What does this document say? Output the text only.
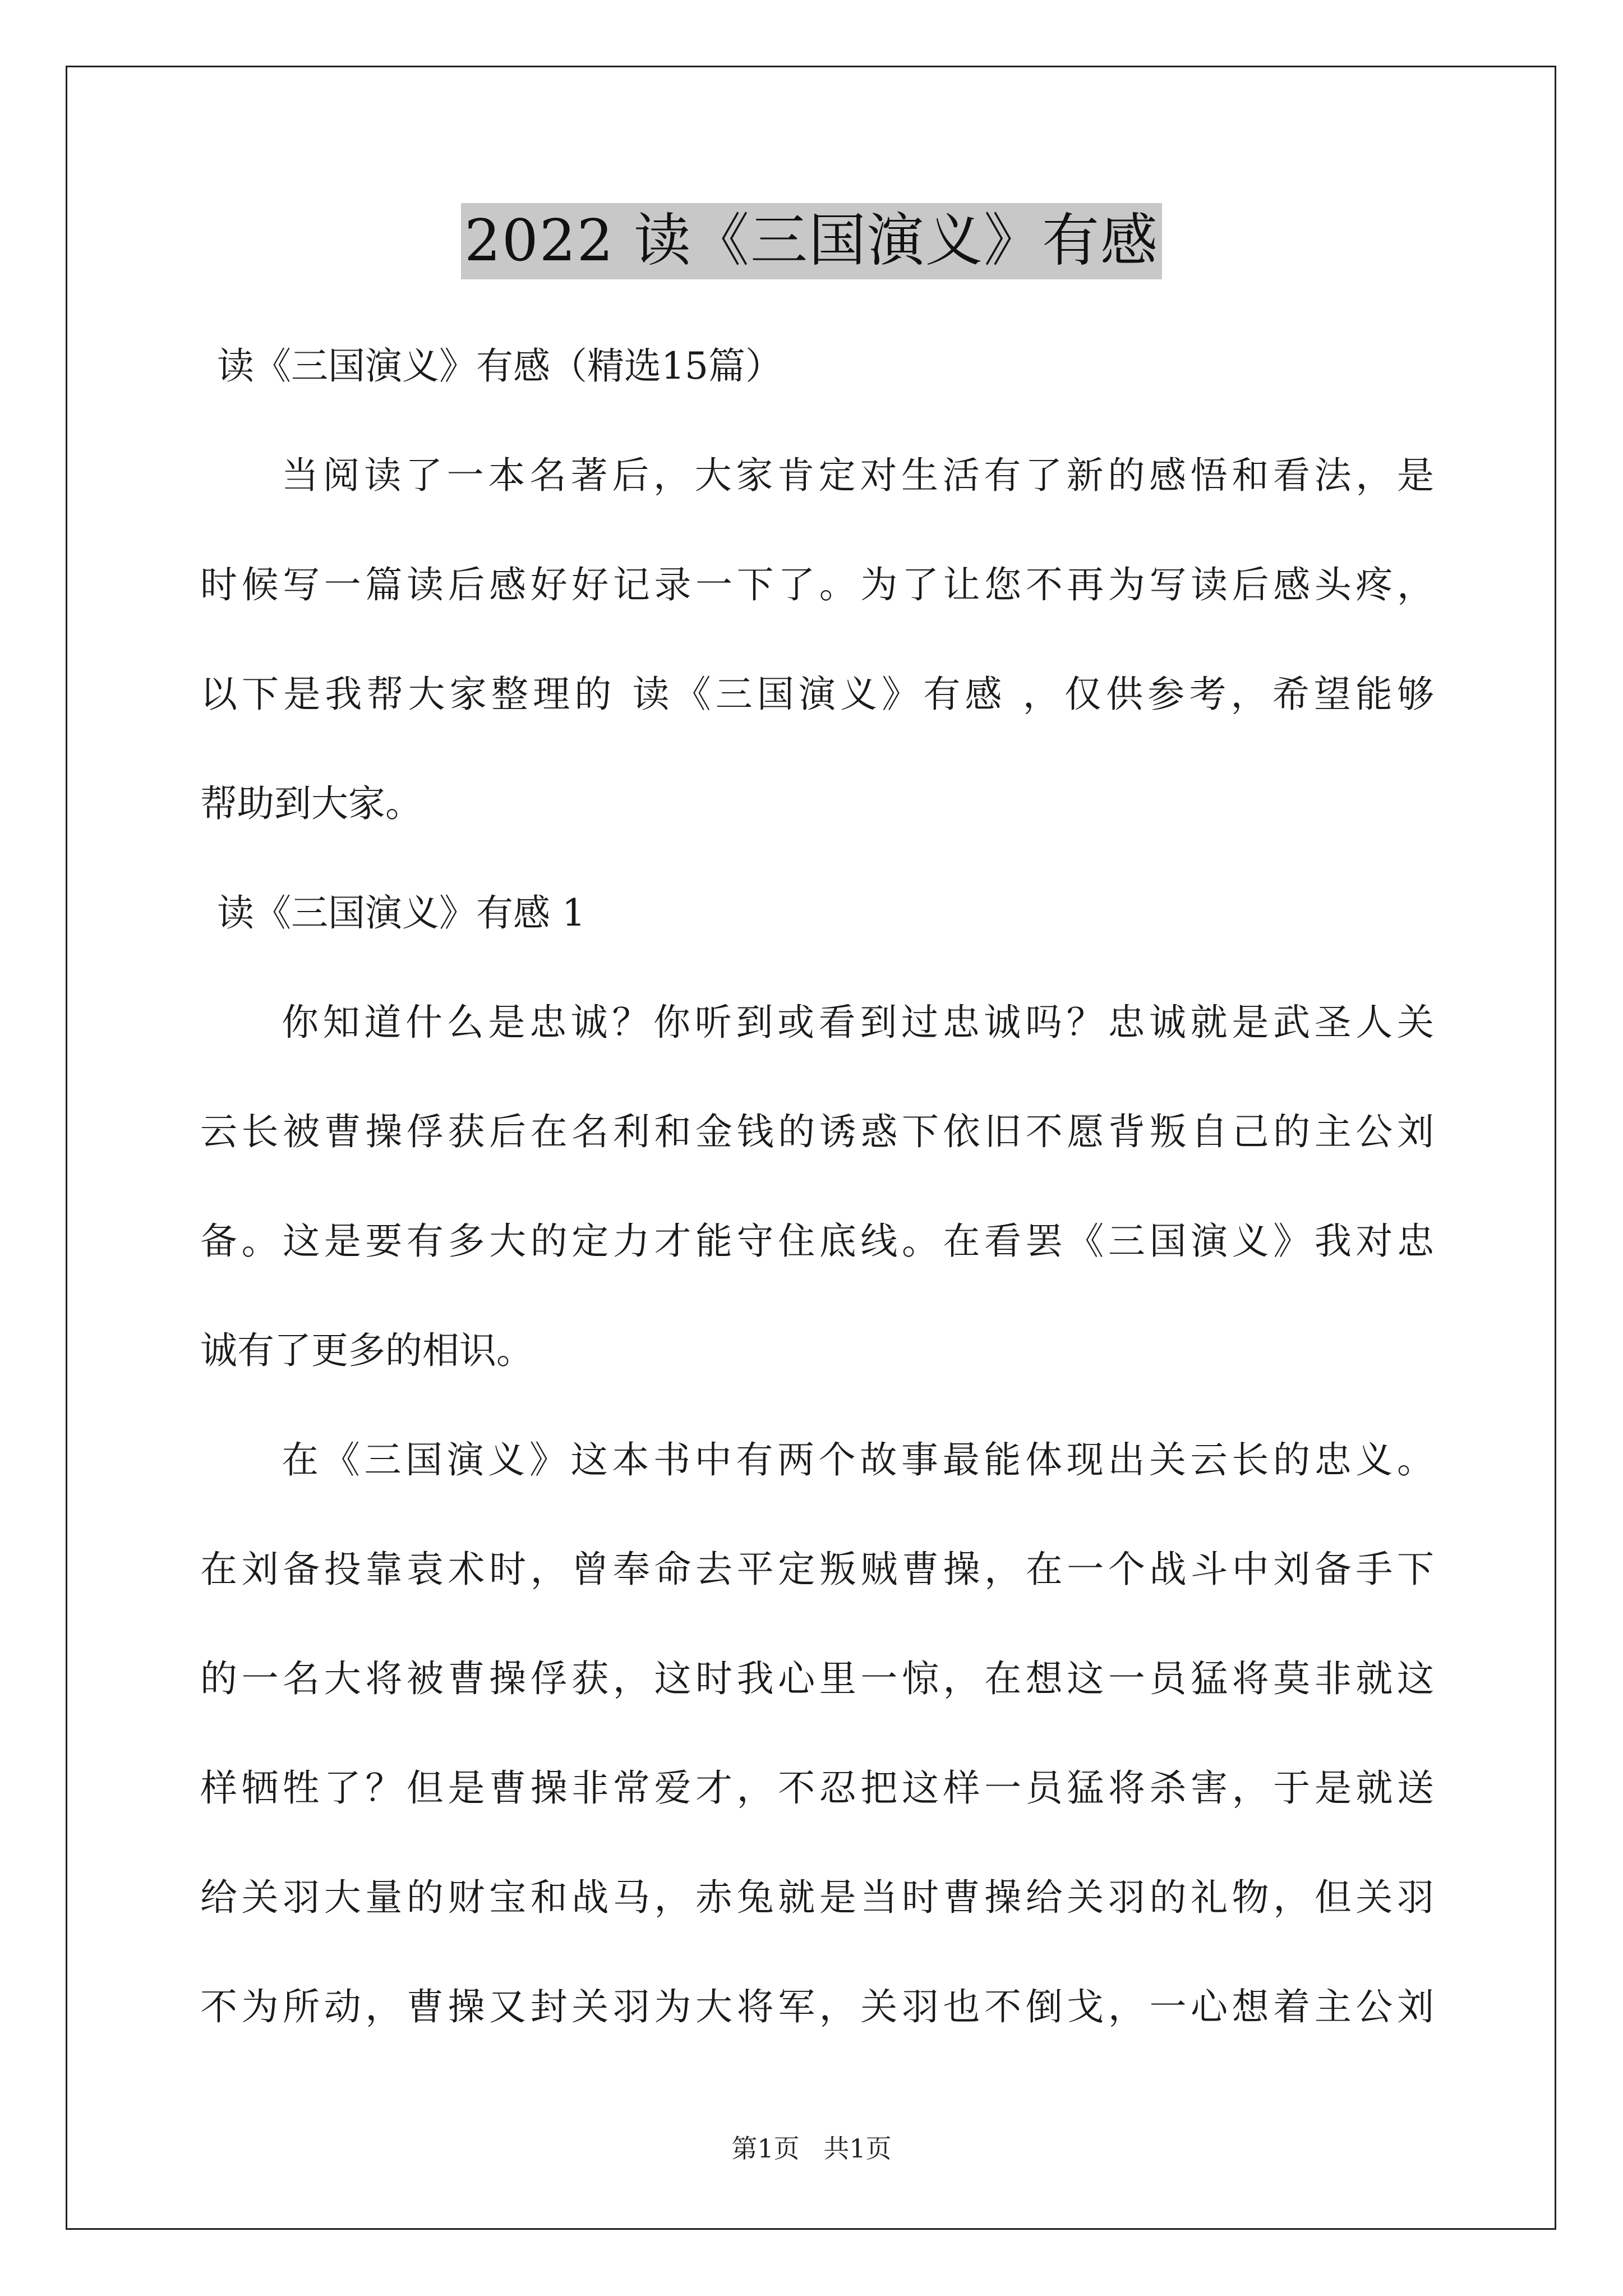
2022 读《三国演义》有感
读《三国演义》有感（精选15篇）
当阅读了一本名著后，大家肯定对生活有了新的感悟和看法，是
时候写一篇读后感好好记录一下了。为了让您不再为写读后感头疼，
以下是我帮大家整理的 读《三国演义》有感 ，仅供参考，希望能够
帮助到大家。
读《三国演义》有感 1
你知道什么是忠诚？你听到或看到过忠诚吗？忠诚就是武圣人关
云长被曹操俘获后在名利和金钱的诱惑下依旧不愿背叛自己的主公刘
备。这是要有多大的定力才能守住底线。在看罢《三国演义》我对忠
诚有了更多的相识。
在《三国演义》这本书中有两个故事最能体现出关云长的忠义。
在刘备投靠袁术时，曾奉命去平定叛贼曹操，在一个战斗中刘备手下
的一名大将被曹操俘获，这时我心里一惊，在想这一员猛将莫非就这
样牺牲了？但是曹操非常爱才，不忍把这样一员猛将杀害，于是就送
给关羽大量的财宝和战马，赤兔就是当时曹操给关羽的礼物，但关羽
不为所动，曹操又封关羽为大将军，关羽也不倒戈，一心想着主公刘
第1页 共1页
